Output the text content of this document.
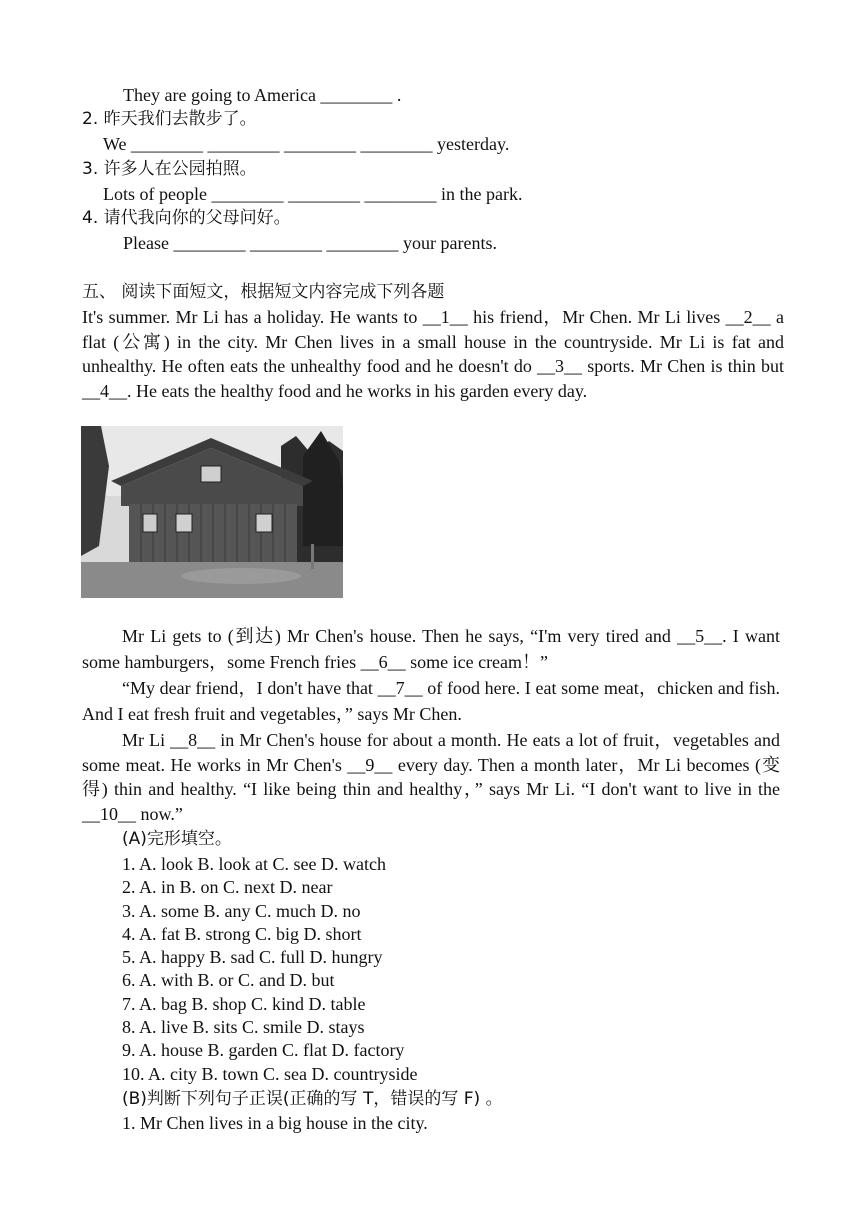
They are going to America ________ .
2. 昨天我们去散步了。
We ________ ________ ________ ________ yesterday.
3. 许多人在公园拍照。
Lots of people ________ ________ ________ in the park.
4. 请代我向你的父母问好。
Please ________ ________ ________ your parents.
五、 阅读下面短文，根据短文内容完成下列各题
It's summer. Mr Li has a holiday. He wants to __1__ his friend，Mr Chen. Mr Li lives __2__ a flat (公寓) in the city. Mr Chen lives in a small house in the countryside. Mr Li is fat and unhealthy. He often eats the unhealthy food and he doesn't do __3__ sports. Mr Chen is thin but __4__. He eats the healthy food and he works in his garden every day.
Mr Li gets to (到达) Mr Chen's house. Then he says, “I'm very tired and __5__. I want some hamburgers，some French fries __6__ some ice cream！”
“My dear friend，I don't have that __7__ of food here. I eat some meat，chicken and fish. And I eat fresh fruit and vegetables，” says Mr Chen.
Mr Li __8__ in Mr Chen's house for about a month. He eats a lot of fruit，vegetables and some meat. He works in Mr Chen's __9__ every day. Then a month later，Mr Li becomes (变得) thin and healthy. “I like being thin and healthy，” says Mr Li. “I don't want to live in the __10__ now.”
(A)完形填空。
1. A. look B. look at C. see D. watch
2. A. in B. on C. next D. near
3. A. some B. any C. much D. no
4. A. fat B. strong C. big D. short
5. A. happy B. sad C. full D. hungry
6. A. with B. or C. and D. but
7. A. bag B. shop C. kind D. table
8. A. live B. sits C. smile D. stays
9. A. house B. garden C. flat D. factory
10. A. city B. town C. sea D. countryside
(B)判断下列句子正误(正确的写 T，错误的写 F) 。
1. Mr Chen lives in a big house in the city.
